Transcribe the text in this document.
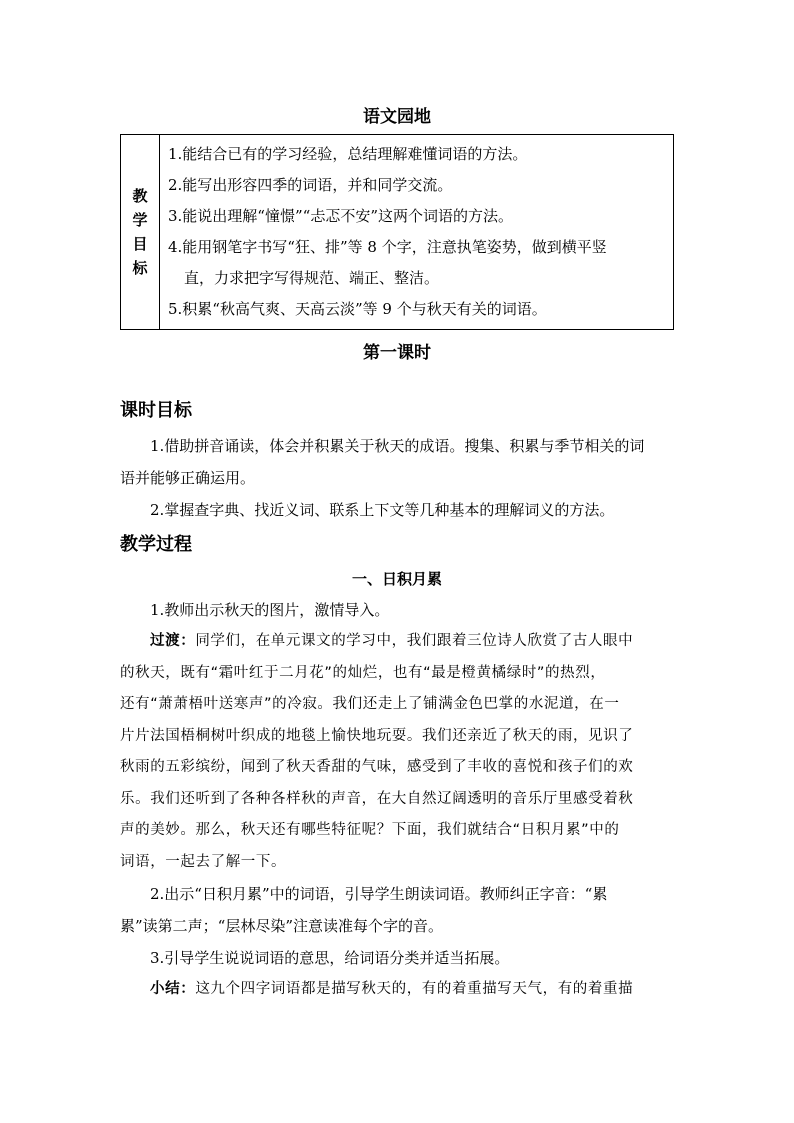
语文园地
教
学
目
标

1.能结合已有的学习经验，总结理解难懂词语的方法。
2.能写出形容四季的词语，并和同学交流。
3.能说出理解“憧憬”“忐忑不安”这两个词语的方法。
4.能用钢笔字书写“狂、排”等 8 个字，注意执笔姿势，做到横平竖
直，力求把字写得规范、端正、整洁。
5.积累“秋高气爽、天高云淡”等 9 个与秋天有关的词语。
第一课时
课时目标
1.借助拼音诵读，体会并积累关于秋天的成语。搜集、积累与季节相关的词
语并能够正确运用。
2.掌握查字典、找近义词、联系上下文等几种基本的理解词义的方法。
教学过程
一、日积月累
1.教师出示秋天的图片，激情导入。
过渡：同学们，在单元课文的学习中，我们跟着三位诗人欣赏了古人眼中
的秋天，既有“霜叶红于二月花”的灿烂，也有“最是橙黄橘绿时”的热烈，
还有“萧萧梧叶送寒声”的冷寂。我们还走上了铺满金色巴掌的水泥道，在一
片片法国梧桐树叶织成的地毯上愉快地玩耍。我们还亲近了秋天的雨，见识了
秋雨的五彩缤纷，闻到了秋天香甜的气味，感受到了丰收的喜悦和孩子们的欢
乐。我们还听到了各种各样秋的声音，在大自然辽阔透明的音乐厅里感受着秋
声的美妙。那么，秋天还有哪些特征呢？下面，我们就结合“日积月累”中的
词语，一起去了解一下。
2.出示“日积月累”中的词语，引导学生朗读词语。教师纠正字音：“累
累”读第二声；“层林尽染”注意读准每个字的音。
3.引导学生说说词语的意思，给词语分类并适当拓展。
小结：这九个四字词语都是描写秋天的，有的着重描写天气，有的着重描
